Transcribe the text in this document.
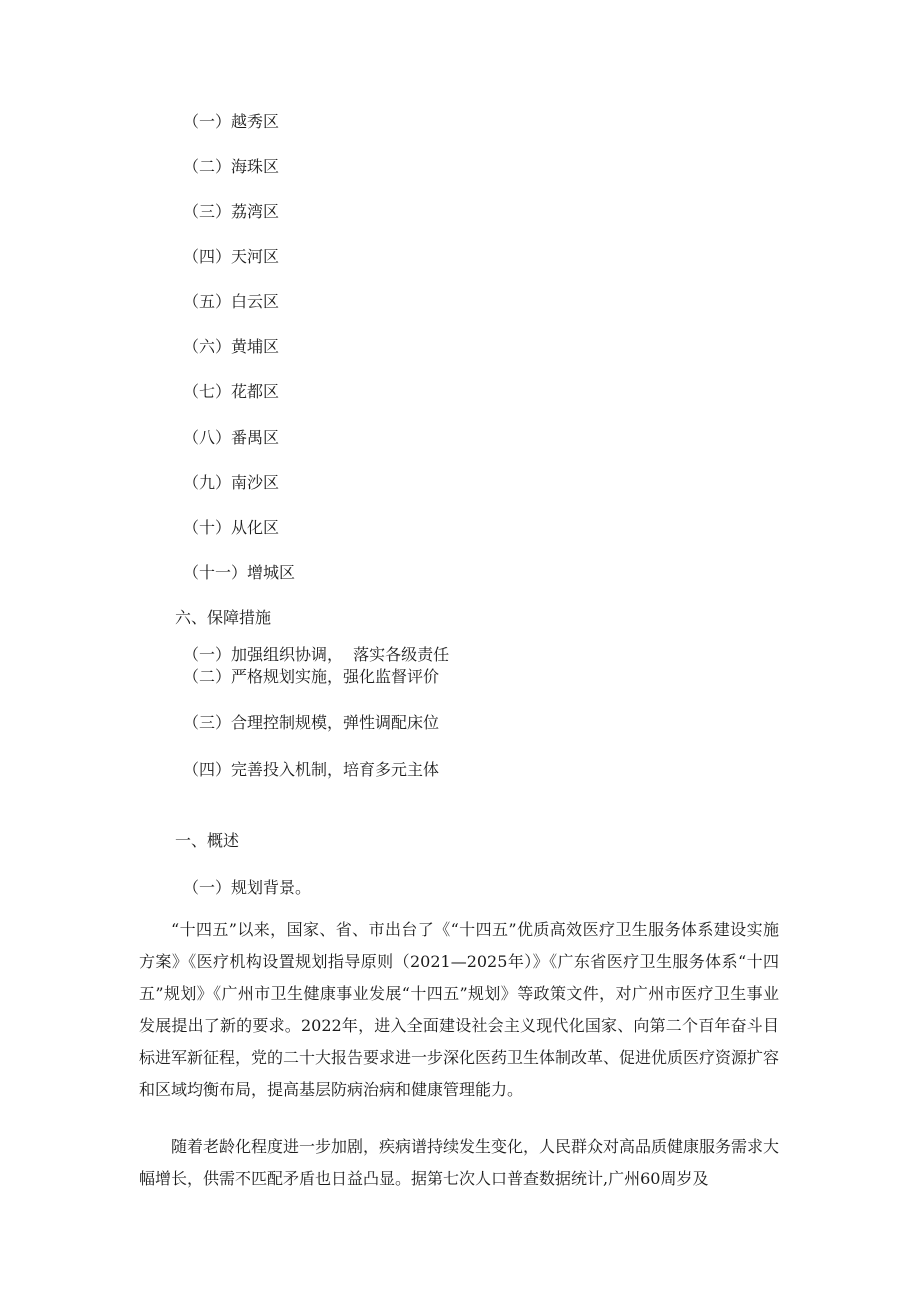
（一）越秀区

（二）海珠区

（三）荔湾区

（四）天河区

（五）白云区

（六）黄埔区

（七）花都区

（八）番禺区

（九）南沙区

（十）从化区

（十一）增城区

六、保障措施

（一）加强组织协调，  落实各级责任

（二）严格规划实施，强化监督评价

（三）合理控制规模，弹性调配床位

（四）完善投入机制，培育多元主体

一、概述

（一）规划背景。

“十四五”以来，国家、省、市出台了《“十四五”优质高效医疗卫生服务体系建设实施方案》《医疗机构设置规划指导原则（2021—2025年）》《广东省医疗卫生服务体系“十四五”规划》《广州市卫生健康事业发展“十四五”规划》等政策文件，对广州市医疗卫生事业发展提出了新的要求。2022年，进入全面建设社会主义现代化国家、向第二个百年奋斗目标进军新征程，党的二十大报告要求进一步深化医药卫生体制改革、促进优质医疗资源扩容和区域均衡布局，提高基层防病治病和健康管理能力。

随着老龄化程度进一步加剧，疾病谱持续发生变化，人民群众对高品质健康服务需求大幅增长，供需不匹配矛盾也日益凸显。据第七次人口普查数据统计,广州60周岁及
